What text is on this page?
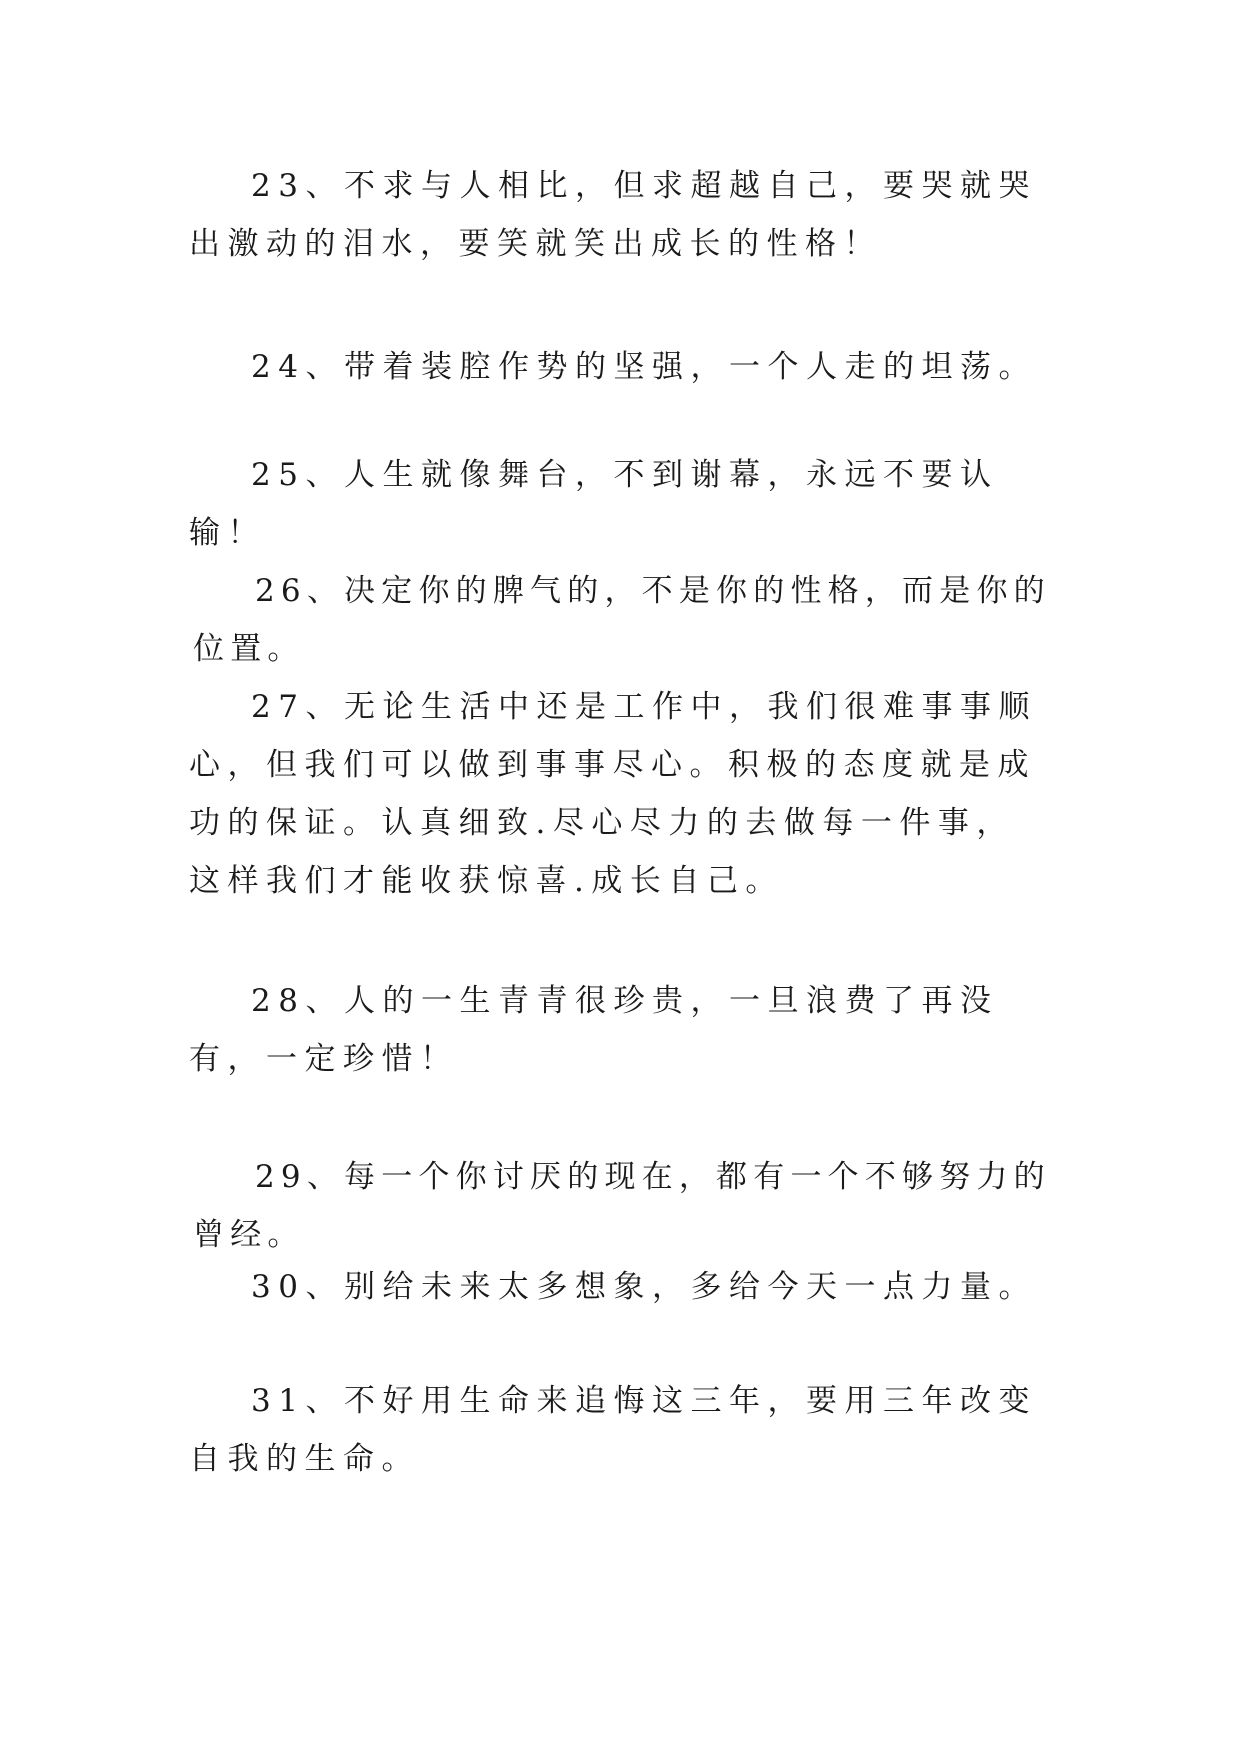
23、不求与人相比，但求超越自己，要哭就哭出激动的泪水，要笑就笑出成长的性格！

24、带着装腔作势的坚强，一个人走的坦荡。

25、人生就像舞台，不到谢幕，永远不要认输！

26、决定你的脾气的，不是你的性格，而是你的位置。

27、无论生活中还是工作中，我们很难事事顺心，但我们可以做到事事尽心。积极的态度就是成功的保证。认真细致.尽心尽力的去做每一件事，这样我们才能收获惊喜.成长自己。

28、人的一生青青很珍贵，一旦浪费了再没有，一定珍惜！

29、每一个你讨厌的现在，都有一个不够努力的曾经。

30、别给未来太多想象，多给今天一点力量。

31、不好用生命来追悔这三年，要用三年改变自我的生命。
